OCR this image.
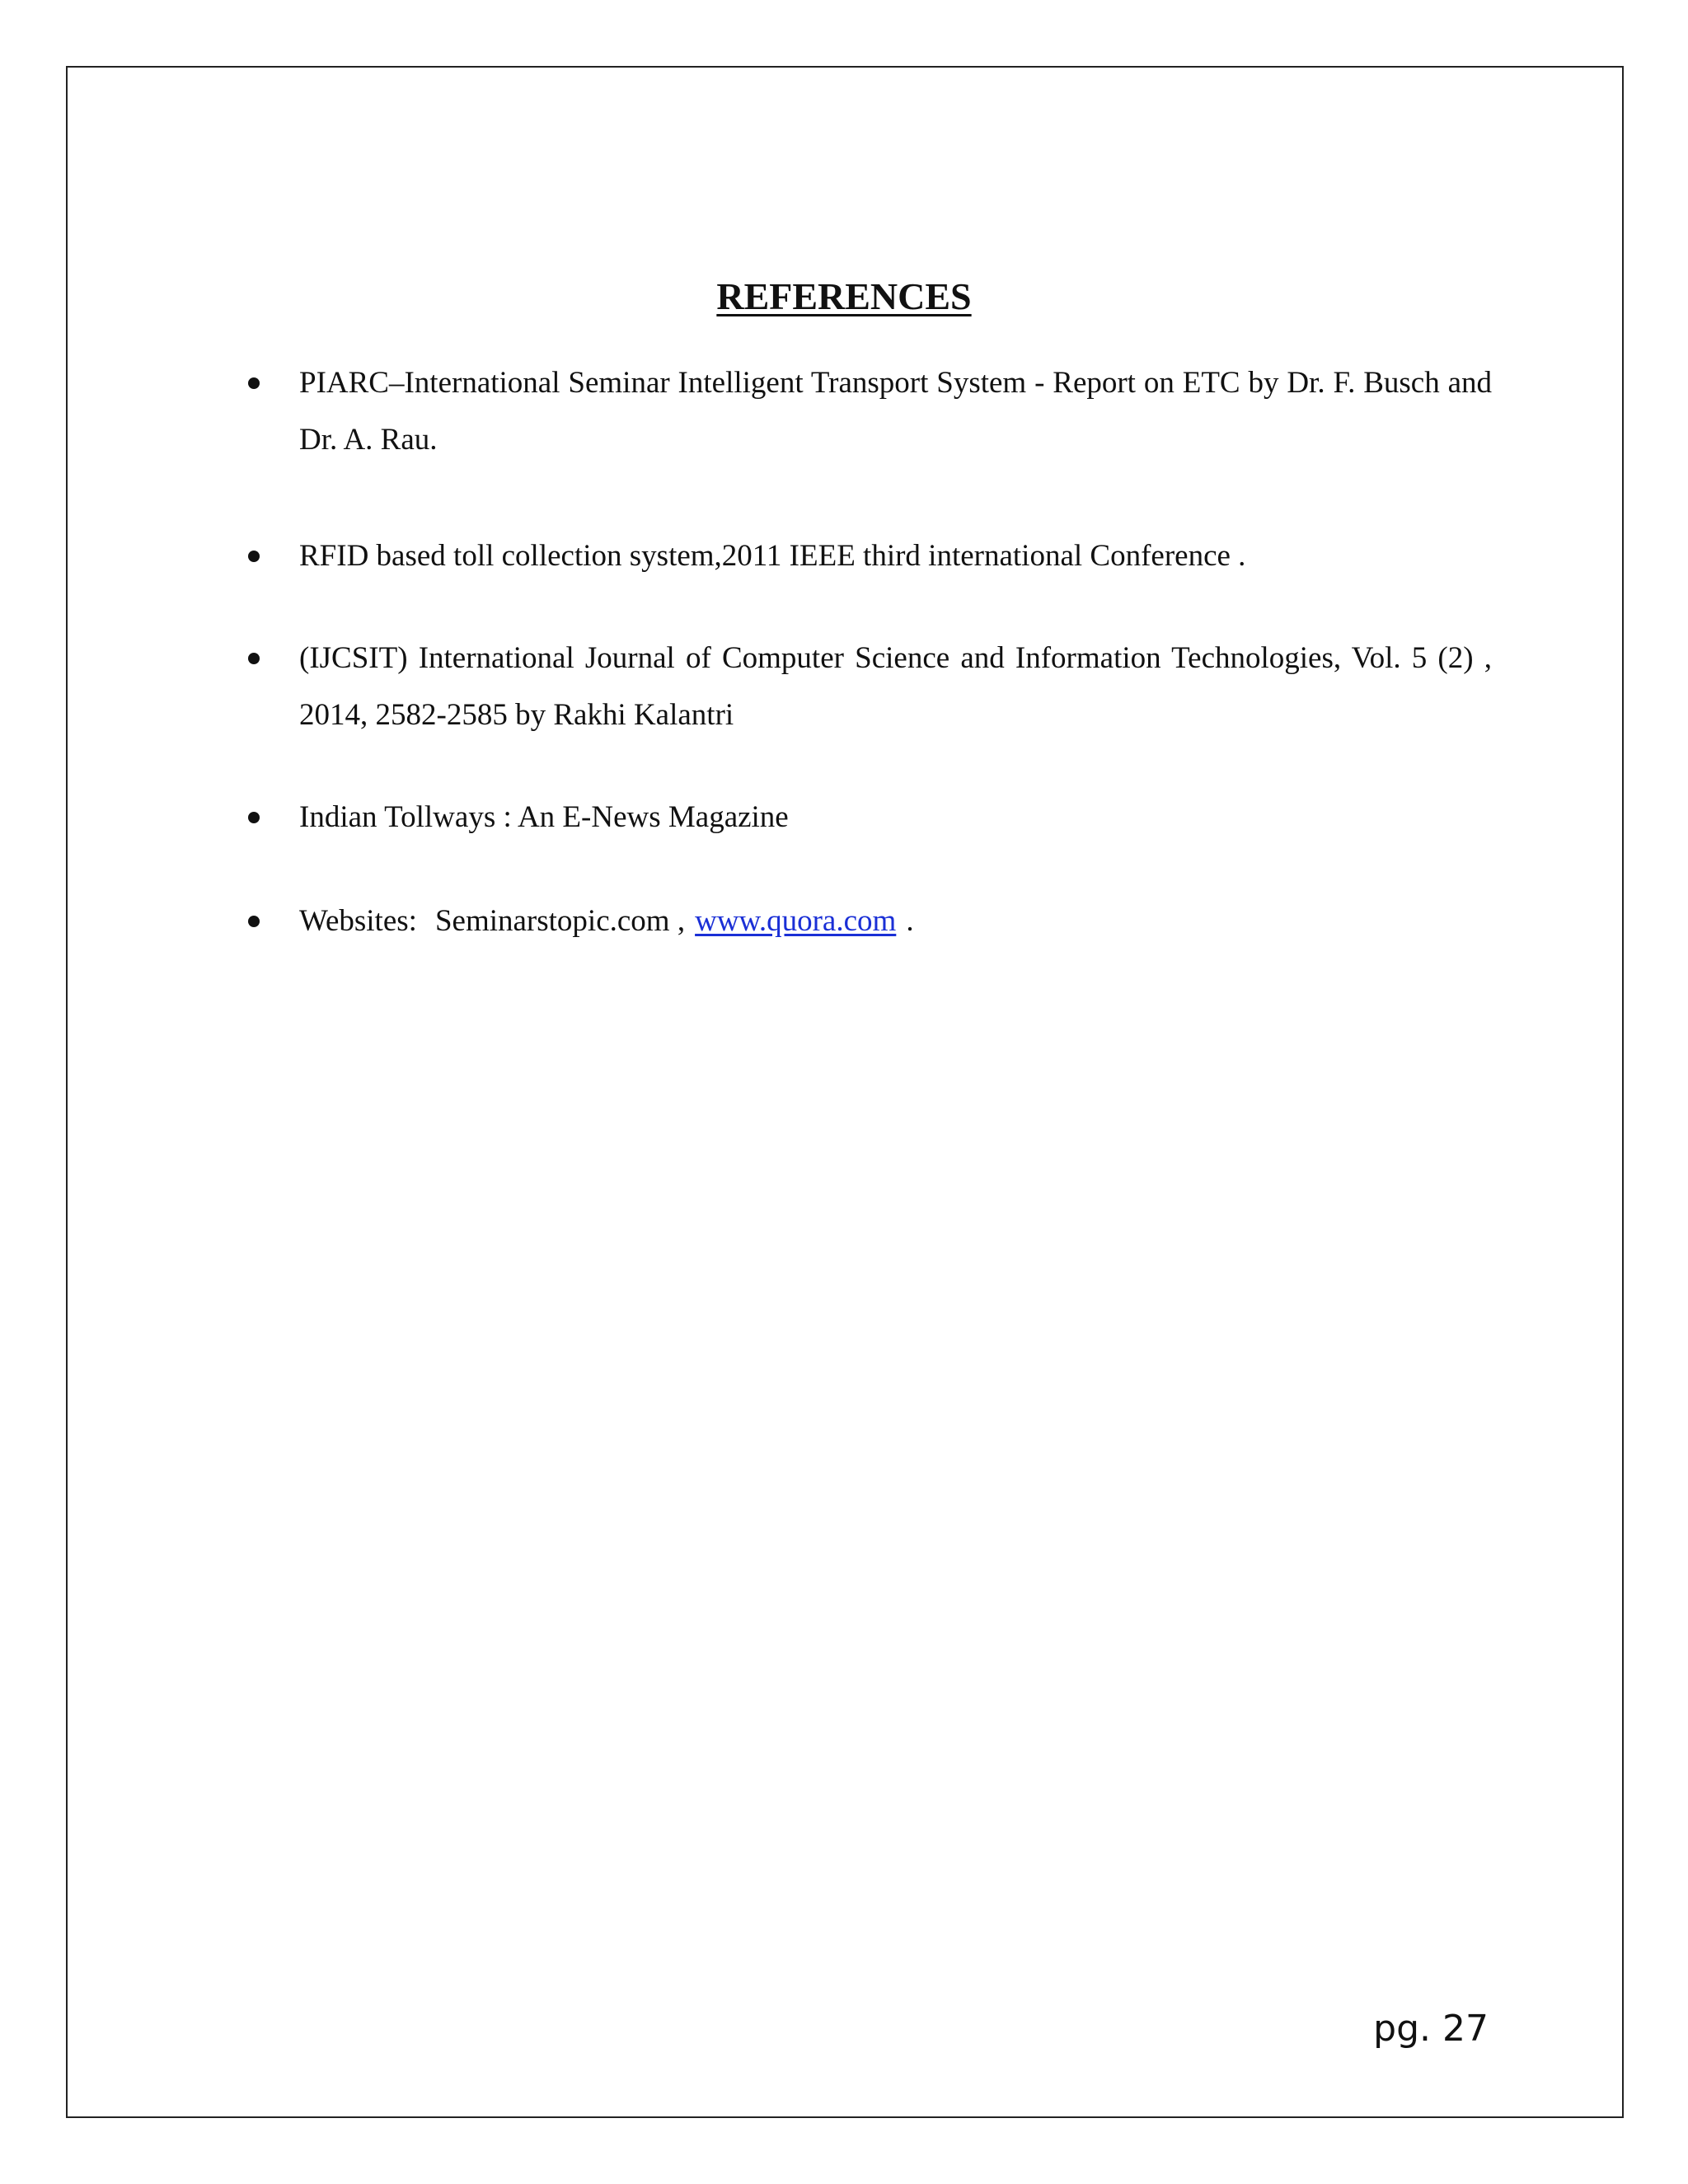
REFERENCES
PIARC–International Seminar Intelligent Transport System - Report on ETC by Dr. F. Busch and Dr. A. Rau.
RFID based toll collection system,2011 IEEE third international Conference .
(IJCSIT) International Journal of Computer Science and Information Technologies, Vol. 5 (2) , 2014, 2582-2585 by Rakhi Kalantri
Indian Tollways : An E-News Magazine
Websites: Seminarstopic.com , www.quora.com .
pg. 27
